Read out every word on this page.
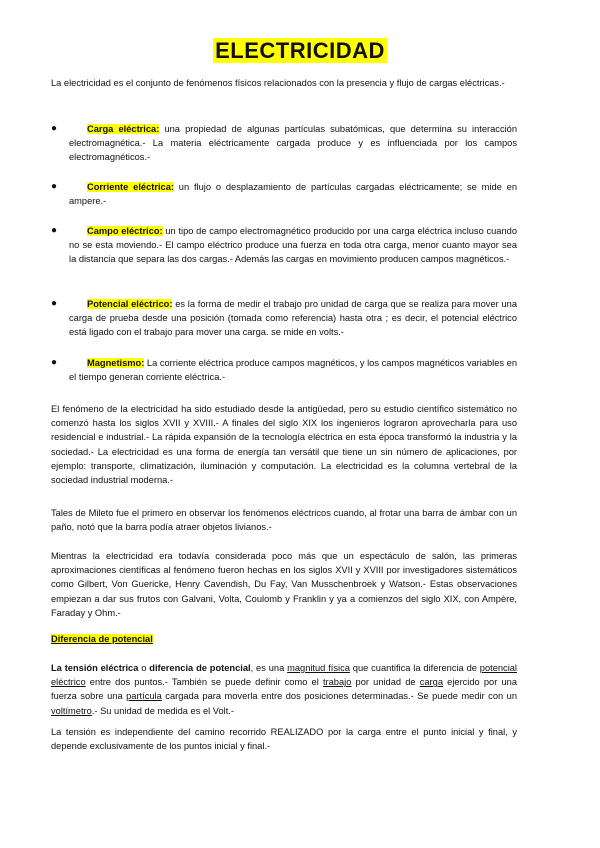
ELECTRICIDAD

La electricidad es el conjunto de fenómenos físicos relacionados con la presencia y flujo de cargas eléctricas.-

●	Carga eléctrica: una propiedad de algunas partículas subatómicas, que determina su interacción electromagnética.- La materia eléctricamente cargada produce y es influenciada por los campos electromagnéticos.-

●	Corriente eléctrica: un flujo o desplazamiento de partículas cargadas eléctricamente; se mide en ampere.-

●	Campo eléctrico: un tipo de campo electromagnético producido por una carga eléctrica incluso cuando no se esta moviendo.- El campo eléctrico produce una fuerza en toda otra carga, menor cuanto mayor sea la distancia que separa las dos cargas.- Además las cargas en movimiento producen campos magnéticos.-

●	Potencial eléctrico: es la forma de medir el trabajo pro unidad de carga que se realiza para mover una carga de prueba desde una posición (tomada como referencia) hasta otra ; es decir, el potencial eléctrico está ligado con el trabajo para mover una carga. se mide en volts.-

●	Magnetismo: La corriente eléctrica produce campos magnéticos, y los campos magnéticos variables en el tiempo generan corriente eléctrica.-

El fenómeno de la electricidad ha sido estudiado desde la antigüedad, pero su estudio científico sistemático no comenzó hasta los siglos XVII y XVIII.- A finales del siglo XIX los ingenieros lograron aprovecharla para uso residencial e industrial.- La rápida expansión de la tecnología eléctrica en esta época transformó la industria y la sociedad.- La electricidad es una forma de energía tan versátil que tiene un sin número de aplicaciones, por ejemplo: transporte, climatización, iluminación y computación. La electricidad es la columna vertebral de la sociedad industrial moderna.-

Tales de Mileto fue el primero en observar los fenómenos eléctricos cuando, al frotar una barra de ámbar con un paño, notó que la barra podía atraer objetos livianos.-

Mientras la electricidad era todavía considerada poco más que un espectáculo de salón, las primeras aproximaciones científicas al fenómeno fueron hechas en los siglos XVII y XVIII por investigadores sistemáticos como Gilbert, Von Guericke, Henry Cavendish, Du Fay, Van Musschenbroek y Watson.- Estas observaciones empiezan a dar sus frutos con Galvani, Volta, Coulomb y Franklin y ya a comienzos del siglo XIX, con Ampère, Faraday y Ohm.-

Diferencia de potencial

La tensión eléctrica o diferencia de potencial, es una magnitud física que cuantifica la diferencia de potencial eléctrico entre dos puntos.- También se puede definir como el trabajo por unidad de carga ejercido por una fuerza sobre una partícula cargada para moverla entre dos posiciones determinadas.- Se puede medir con un voltímetro.- Su unidad de medida es el Volt.-

La tensión es independiente del camino recorrido REALIZADO por la carga entre el punto inicial y final, y depende exclusivamente de los puntos inicial y final.-
